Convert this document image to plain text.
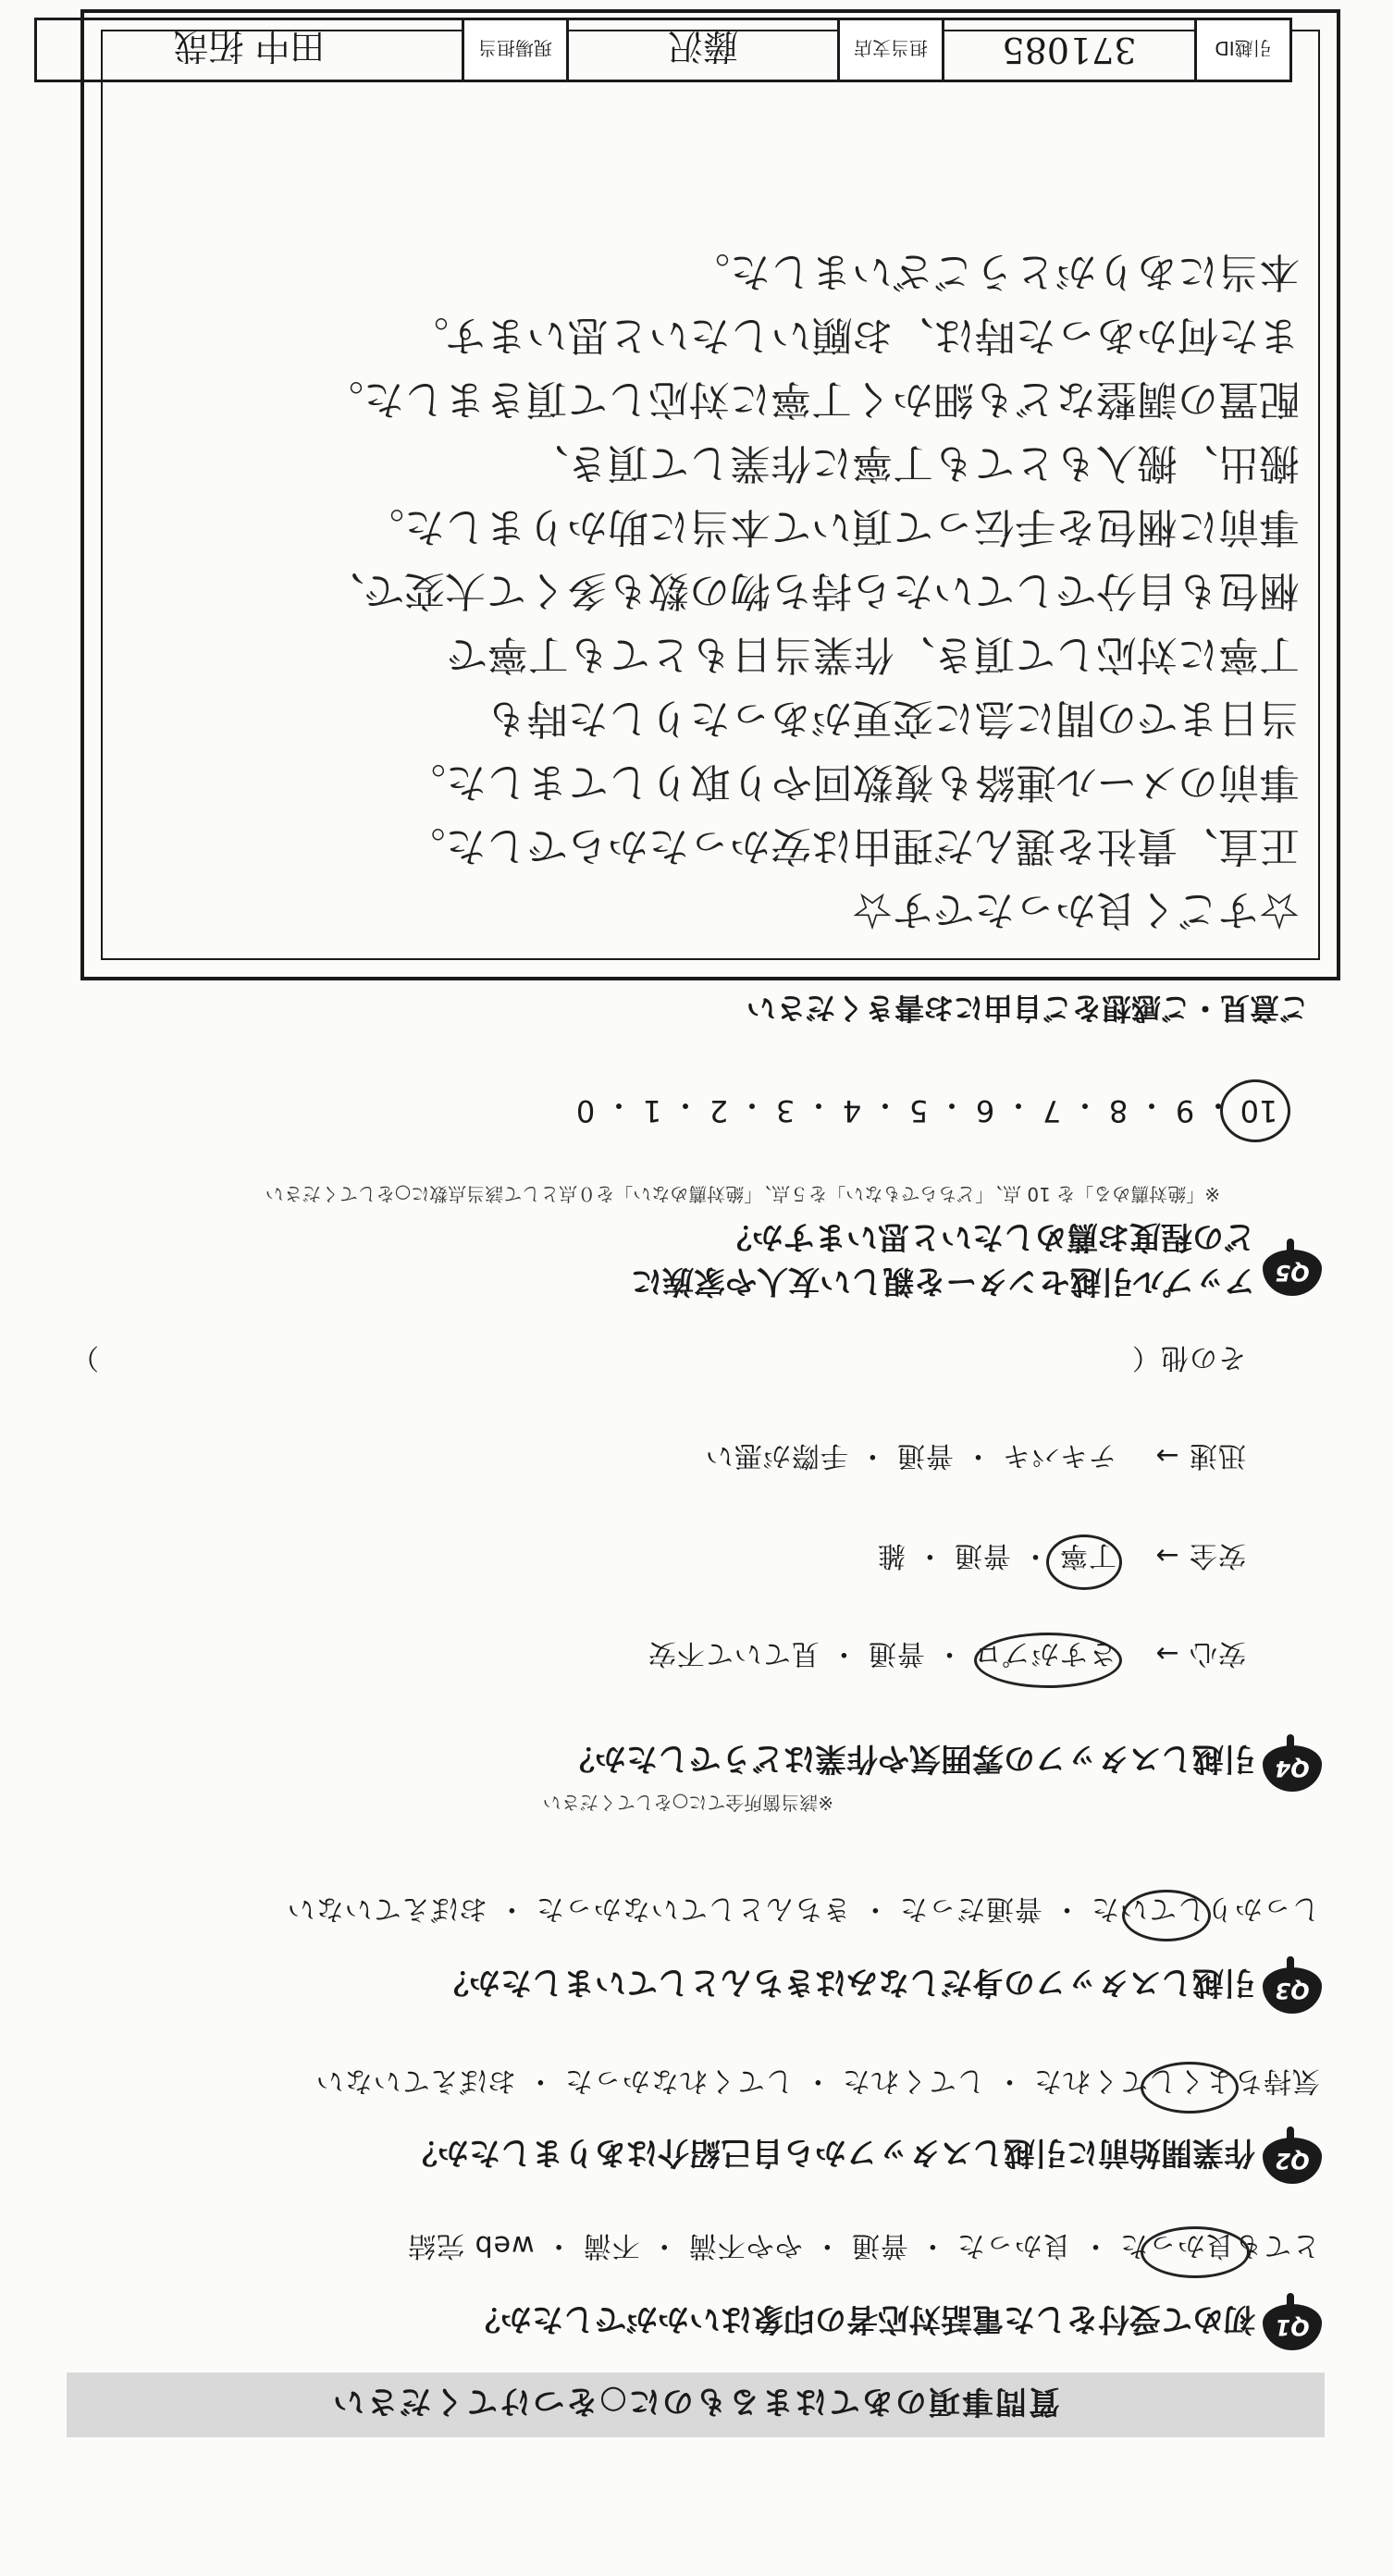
質問事項のあてはまるものに○をつけてください
Q1
初めて受付をした電話対応者の印象はいかがでしたか？
とても良かった ・ 良かった ・ 普通 ・ やや不満 ・ 不満 ・ web 完結
Q2
作業開始前に引越しスタッフから自己紹介はありましたか？
気持ちよくしてくれた ・ してくれた ・ してくれなかった ・ おぼえていない
Q3
引越しスタッフの身だしなみはきちんとしていましたか？
しっかりしていた ・ 普通だった ・ きちんとしていなかった ・ おぼえていない
Q4
引越しスタッフの雰囲気や作業はどうでしたか？
※該当箇所全てに○をしてください
安心 →
さすがプロ ・ 普通 ・ 見ていて不安
安全 →
丁寧 ・ 普通 ・ 雑
迅速 →
テキパキ ・ 普通 ・ 手際が悪い
その他（
）
Q5
アップル引越センターを親しい友人や家族に
どの程度お薦めしたいと思いますか？
※「絶対薦める」を 10 点、「どちらでもない」を５点、「絶対薦めない」を０点として該当点数に○をしてください
10
・
9
・
8
・
7
・
6
・
5
・
4
・
3
・
2
・
1
・
0
ご意見・ご感想をご自由にお書きください
☆すごく良かったです☆
正直、貴社を選んだ理由は安かったからでした。
事前のメール連絡も複数回やり取りしてました。
当日までの間に急に変更があったりした時も
丁寧に対応して頂き、作業当日もとても丁寧で
梱包も自分でしていたら持ち物の数も多くて大変で、
事前に梱包を手伝って頂いて本当に助かりました。
搬出、搬入もとても丁寧に作業して頂き、
配置の調整なども細かく丁寧に対応して頂きました。
また何かあった時は、お願いしたいと思います。
本当にありがとうございました。
引越ID
371085
担当支店
藤沢
現場担当
田中 拓哉
